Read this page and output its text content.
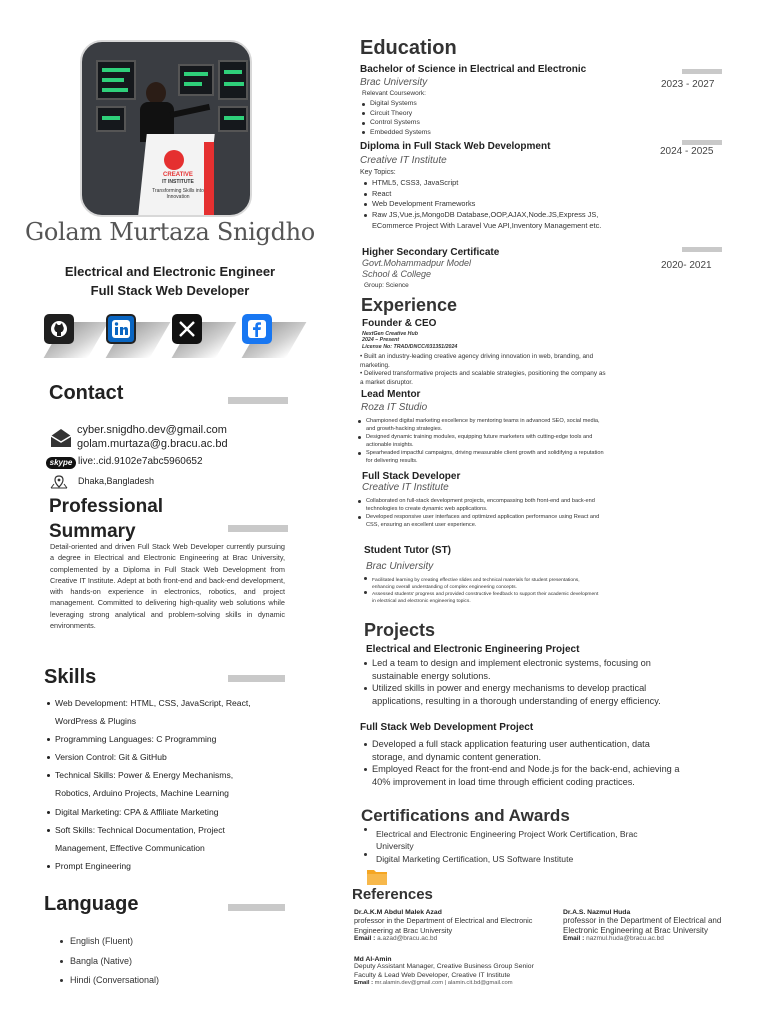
CREATIVE
IT INSTITUTE
Transforming Skills into Innovation
Golam Murtaza Snigdho
Electrical and Electronic Engineer
Full Stack Web Developer
Contact
cyber.snigdho.dev@gmail.com
golam.murtaza@g.bracu.ac.bd
skype live:.cid.9102e7abc5960652
Dhaka,Bangladesh
Professional
Summary
Detail-oriented and driven Full Stack Web Developer currently pursuing a degree in Electrical and Electronic Engineering at Brac University, complemented by a Diploma in Full Stack Web Development from Creative IT Institute. Adept at both front-end and back-end development, with hands-on experience in electronics, robotics, and project management. Committed to delivering high-quality web solutions while leveraging strong analytical and problem-solving skills in dynamic environments.
Skills
Web Development: HTML, CSS, JavaScript, React,
WordPress & Plugins
Programming Languages: C Programming
Version Control: Git & GitHub
Technical Skills: Power & Energy Mechanisms,
Robotics, Arduino Projects, Machine Learning
Digital Marketing: CPA & Affiliate Marketing
Soft Skills: Technical Documentation, Project
Management, Effective Communication
Prompt Engineering
Language
English (Fluent)
Bangla (Native)
Hindi (Conversational)
Education
Bachelor of Science in Electrical and Electronic
Brac University
Relevant Coursework:
Digital Systems
Circuit Theory
Control Systems
Embedded Systems
2023 - 2027
Diploma in Full Stack Web Development
Creative IT Institute
Key Topics:
HTML5, CSS3, JavaScript
React
Web Development Frameworks
Raw JS,Vue.js,MongoDB Database,OOP,AJAX,Node.JS,Express JS, ECommerce Project With Laravel Vue API,Inventory Management etc.
2024 - 2025
Higher Secondary Certificate
Govt.Mohammadpur Model
School & College
Group: Science
2020- 2021
Experience
Founder & CEO
NextGen Creative Hub
2024 – Present
License No: TRAD/DNCC/031351/2024
• Built an industry-leading creative agency driving innovation in web, branding, and marketing.
• Delivered transformative projects and scalable strategies, positioning the company as a market disruptor.
Lead Mentor
Roza IT Studio
Championed digital marketing excellence by mentoring teams in advanced SEO, social media, and growth-hacking strategies.
Designed dynamic training modules, equipping future marketers with cutting-edge tools and actionable insights.
Spearheaded impactful campaigns, driving measurable client growth and solidifying a reputation for delivering results.
Full Stack Developer
Creative IT Institute
Collaborated on full-stack development projects, encompassing both front-end and back-end technologies to create dynamic web applications.
Developed responsive user interfaces and optimized application performance using React and CSS, ensuring an excellent user experience.
Student Tutor (ST)
Brac University
Facilitated learning by creating effective slides and technical materials for student presentations, enhancing overall understanding of complex engineering concepts.
Assessed students' progress and provided constructive feedback to support their academic development in electrical and electronic engineering topics.
Projects
Electrical and Electronic Engineering Project
Led a team to design and implement electronic systems, focusing on sustainable energy solutions.
Utilized skills in power and energy mechanisms to develop practical applications, resulting in a thorough understanding of energy efficiency.
Full Stack Web Development Project
Developed a full stack application featuring user authentication, data storage, and dynamic content generation.
Employed React for the front-end and Node.js for the back-end, achieving a 40% improvement in load time through efficient coding practices.
Certifications and Awards
Electrical and Electronic Engineering Project Work Certification, Brac University
Digital Marketing Certification, US Software Institute
References
Dr.A.K.M Abdul Malek Azad
professor in the Department of Electrical and Electronic Engineering at Brac University
Email : a.azad@bracu.ac.bd
Dr.A.S. Nazmul Huda
professor in the Department of Electrical and Electronic Engineering at Brac University
Email : nazmul.huda@bracu.ac.bd
Md Al-Amin
Deputy Assistant Manager, Creative Business Group Senior Faculty & Lead Web Developer, Creative IT Institute
Email : mr.alamin.dev@gmail.com | alamin.cit.bd@gmail.com
